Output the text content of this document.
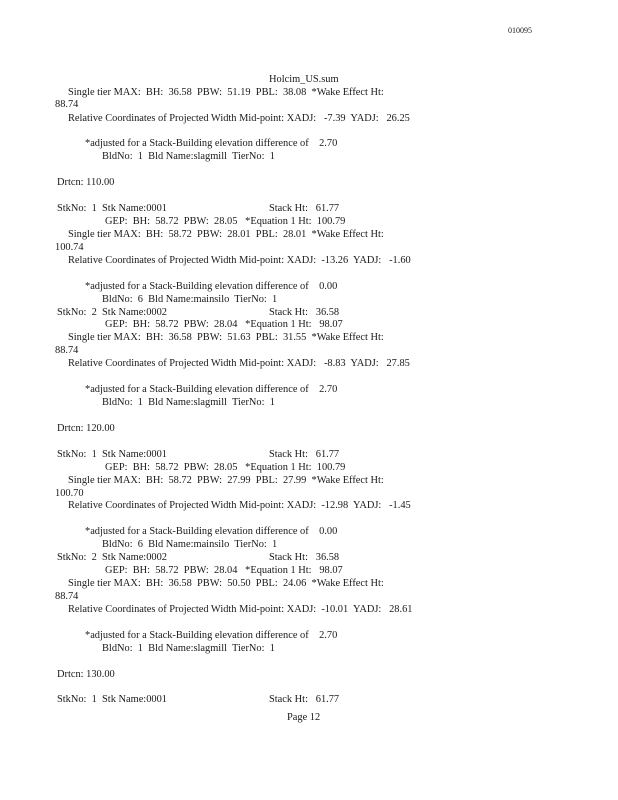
010095
Holcim_US.sum
Single tier MAX:  BH:  36.58  PBW:  51.19  PBL:  38.08  *Wake Effect Ht:
88.74
Relative Coordinates of Projected Width Mid-point: XADJ:   -7.39  YADJ:   26.25
*adjusted for a Stack-Building elevation difference of    2.70
BldNo:  1  Bld Name:slagmill  TierNo:  1
Drtcn: 110.00
StkNo:  1  Stk Name:0001	Stack Ht:   61.77
GEP:  BH:  58.72  PBW:  28.05   *Equation 1 Ht:  100.79
Single tier MAX:  BH:  58.72  PBW:  28.01  PBL:  28.01  *Wake Effect Ht:
100.74
Relative Coordinates of Projected Width Mid-point: XADJ:  -13.26  YADJ:   -1.60
*adjusted for a Stack-Building elevation difference of    0.00
BldNo:  6  Bld Name:mainsilo  TierNo:  1
StkNo:  2  Stk Name:0002	Stack Ht:   36.58
GEP:  BH:  58.72  PBW:  28.04   *Equation 1 Ht:   98.07
Single tier MAX:  BH:  36.58  PBW:  51.63  PBL:  31.55  *Wake Effect Ht:
88.74
Relative Coordinates of Projected Width Mid-point: XADJ:   -8.83  YADJ:   27.85
*adjusted for a Stack-Building elevation difference of    2.70
BldNo:  1  Bld Name:slagmill  TierNo:  1
Drtcn: 120.00
StkNo:  1  Stk Name:0001	Stack Ht:   61.77
GEP:  BH:  58.72  PBW:  28.05   *Equation 1 Ht:  100.79
Single tier MAX:  BH:  58.72  PBW:  27.99  PBL:  27.99  *Wake Effect Ht:
100.70
Relative Coordinates of Projected Width Mid-point: XADJ:  -12.98  YADJ:   -1.45
*adjusted for a Stack-Building elevation difference of    0.00
BldNo:  6  Bld Name:mainsilo  TierNo:  1
StkNo:  2  Stk Name:0002	Stack Ht:   36.58
GEP:  BH:  58.72  PBW:  28.04   *Equation 1 Ht:   98.07
Single tier MAX:  BH:  36.58  PBW:  50.50  PBL:  24.06  *Wake Effect Ht:
88.74
Relative Coordinates of Projected Width Mid-point: XADJ:  -10.01  YADJ:   28.61
*adjusted for a Stack-Building elevation difference of    2.70
BldNo:  1  Bld Name:slagmill  TierNo:  1
Drtcn: 130.00
StkNo:  1  Stk Name:0001	Stack Ht:   61.77
Page 12
